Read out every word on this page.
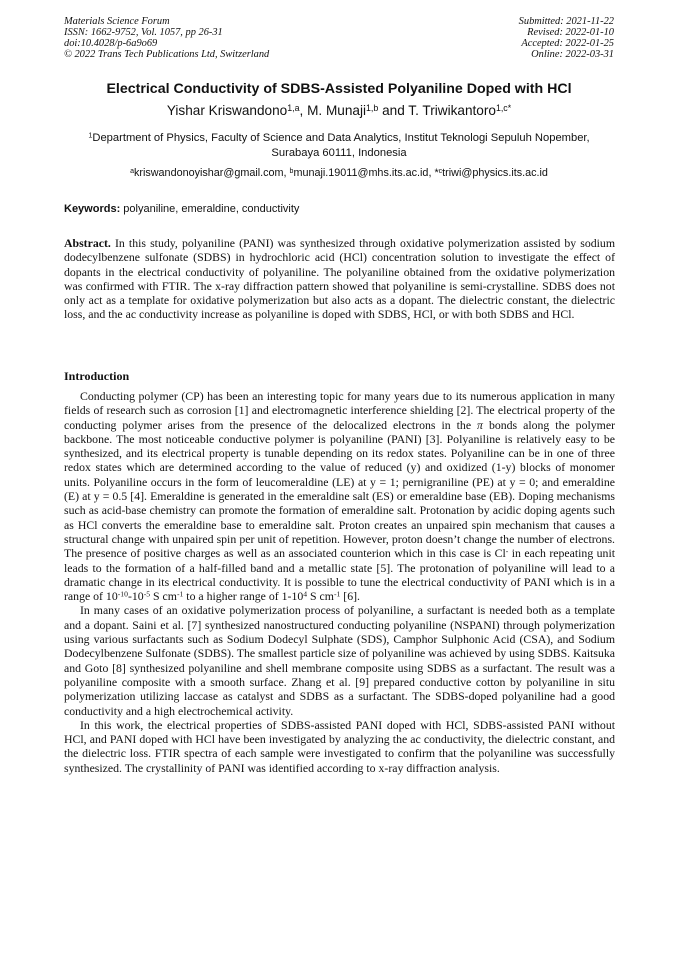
Materials Science Forum
ISSN: 1662-9752, Vol. 1057, pp 26-31
doi:10.4028/p-6a9o69
© 2022 Trans Tech Publications Ltd, Switzerland
Submitted: 2021-11-22
Revised: 2022-01-10
Accepted: 2022-01-25
Online: 2022-03-31
Electrical Conductivity of SDBS-Assisted Polyaniline Doped with HCl
Yishar Kriswandono$^{1,a}$, M. Munaji$^{1,b}$ and T. Triwikantoro$^{1,c*}$
$^1$Department of Physics, Faculty of Science and Data Analytics, Institut Teknologi Sepuluh Nopember, Surabaya 60111, Indonesia
$^a$kriswandonoyishar@gmail.com, $^b$munaji.19011@mhs.its.ac.id, *$^c$triwi@physics.its.ac.id
Keywords: polyaniline, emeraldine, conductivity
Abstract. In this study, polyaniline (PANI) was synthesized through oxidative polymerization assisted by sodium dodecylbenzene sulfonate (SDBS) in hydrochloric acid (HCl) concentration solution to investigate the effect of dopants in the electrical conductivity of polyaniline. The polyaniline obtained from the oxidative polymerization was confirmed with FTIR. The x-ray diffraction pattern showed that polyaniline is semi-crystalline. SDBS does not only act as a template for oxidative polymerization but also acts as a dopant. The dielectric constant, the dielectric loss, and the ac conductivity increase as polyaniline is doped with SDBS, HCl, or with both SDBS and HCl.
Introduction

Conducting polymer (CP) has been an interesting topic for many years due to its numerous application in many fields of research such as corrosion [1] and electromagnetic interference shielding [2]. The electrical property of the conducting polymer arises from the presence of the delocalized electrons in the π bonds along the polymer backbone. The most noticeable conductive polymer is polyaniline (PANI) [3]. Polyaniline is relatively easy to be synthesized, and its electrical property is tunable depending on its redox states. Polyaniline can be in one of three redox states which are determined according to the value of reduced (y) and oxidized (1-y) blocks of monomer units. Polyaniline occurs in the form of leucomeraldine (LE) at y = 1; pernigraniline (PE) at y = 0; and emeraldine (E) at y = 0.5 [4]. Emeraldine is generated in the emeraldine salt (ES) or emeraldine base (EB). Doping mechanisms such as acid-base chemistry can promote the formation of emeraldine salt. Protonation by acidic doping agents such as HCl converts the emeraldine base to emeraldine salt. Proton creates an unpaired spin mechanism that causes a structural change with unpaired spin per unit of repetition. However, proton doesn’t change the number of electrons. The presence of positive charges as well as an associated counterion which in this case is Cl- in each repeating unit leads to the formation of a half-filled band and a metallic state [5]. The protonation of polyaniline will lead to a dramatic change in its electrical conductivity. It is possible to tune the electrical conductivity of PANI which is in a range of $10^{-10}-10^{-5}$ S $cm^{-1}$ to a higher range of $1-10^4$ S $cm^{-1}$ [6].

In many cases of an oxidative polymerization process of polyaniline, a surfactant is needed both as a template and a dopant. Saini et al. [7] synthesized nanostructured conducting polyaniline (NSPANI) through polymerization using various surfactants such as Sodium Dodecyl Sulphate (SDS), Camphor Sulphonic Acid (CSA), and Sodium Dodecylbenzene Sulfonate (SDBS). The smallest particle size of polyaniline was achieved by using SDBS. Kaitsuka and Goto [8] synthesized polyaniline and shell membrane composite using SDBS as a surfactant. The result was a polyaniline composite with a smooth surface. Zhang et al. [9] prepared conductive cotton by polyaniline in situ polymerization utilizing laccase as catalyst and SDBS as a surfactant. The SDBS-doped polyaniline had a good conductivity and a high electrochemical activity.

In this work, the electrical properties of SDBS-assisted PANI doped with HCl, SDBS-assisted PANI without HCl, and PANI doped with HCl have been investigated by analyzing the ac conductivity, the dielectric constant, and the dielectric loss. FTIR spectra of each sample were investigated to confirm that the polyaniline was successfully synthesized. The crystallinity of PANI was identified according to x-ray diffraction analysis.
